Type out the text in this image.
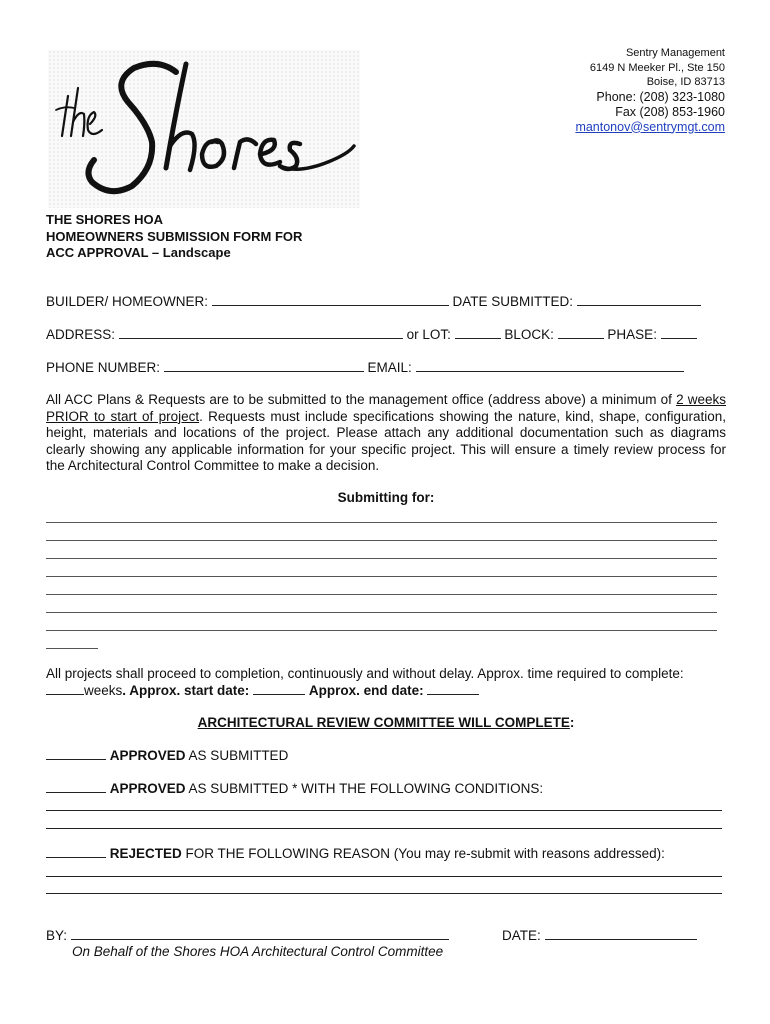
Sentry Management
6149 N Meeker Pl., Ste 150
Boise, ID 83713
Phone: (208) 323-1080
Fax (208) 853-1960
mantonov@sentrymgt.com
THE SHORES HOA
HOMEOWNERS SUBMISSION FORM FOR
ACC APPROVAL – Landscape
BUILDER/ HOMEOWNER:	DATE SUBMITTED:
ADDRESS:	or LOT:	BLOCK:	PHASE:
PHONE NUMBER:	EMAIL:
All ACC Plans & Requests are to be submitted to the management office (address above) a minimum of 2 weeks PRIOR to start of project. Requests must include specifications showing the nature, kind, shape, configuration, height, materials and locations of the project. Please attach any additional documentation such as diagrams clearly showing any applicable information for your specific project. This will ensure a timely review process for the Architectural Control Committee to make a decision.
Submitting for:
All projects shall proceed to completion, continuously and without delay. Approx. time required to complete:
weeks. Approx. start date:	Approx. end date:
ARCHITECTURAL REVIEW COMMITTEE WILL COMPLETE:
APPROVED AS SUBMITTED
APPROVED AS SUBMITTED * WITH THE FOLLOWING CONDITIONS:
REJECTED FOR THE FOLLOWING REASON (You may re-submit with reasons addressed):
BY:	DATE:
On Behalf of the Shores HOA Architectural Control Committee
